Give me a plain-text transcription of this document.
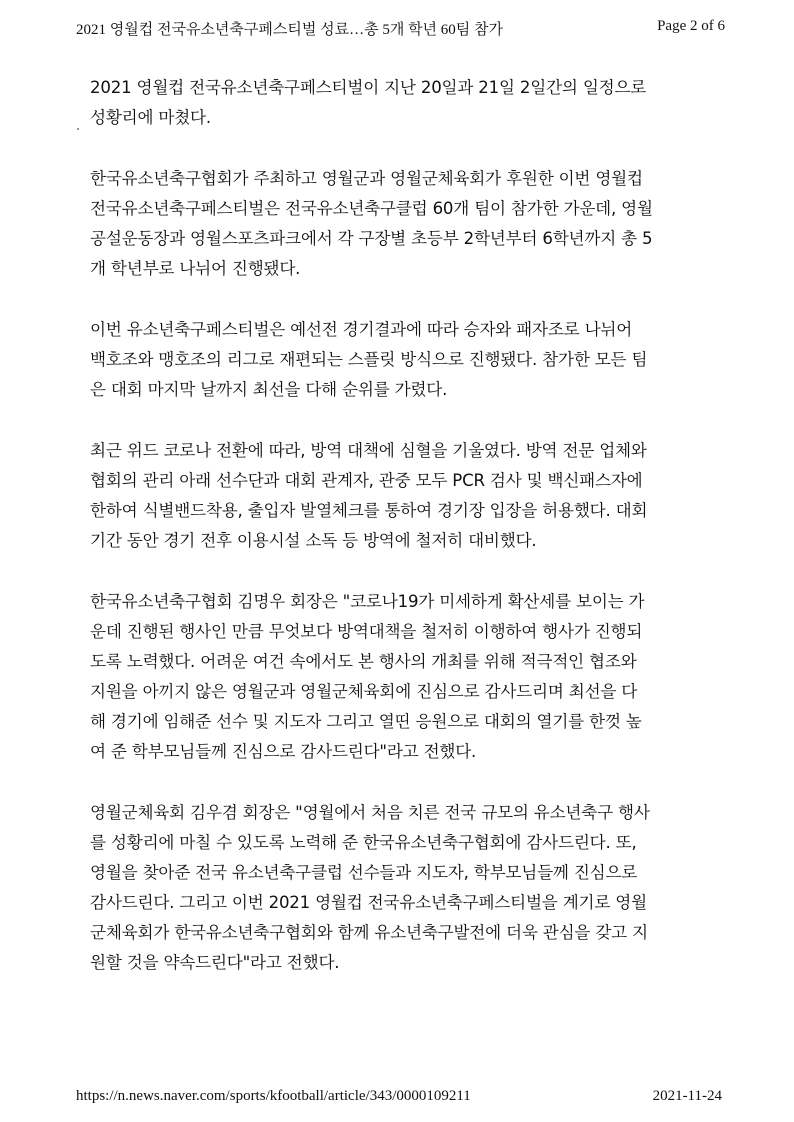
2021 영월컵 전국유소년축구페스티벌 성료…총 5개 학년 60팀 참가	Page 2 of 6

2021 영월컵 전국유소년축구페스티벌이 지난 20일과 21일 2일간의 일정으로
성황리에 마쳤다.

한국유소년축구협회가 주최하고 영월군과 영월군체육회가 후원한 이번 영월컵
전국유소년축구페스티벌은 전국유소년축구클럽 60개 팀이 참가한 가운데, 영월
공설운동장과 영월스포츠파크에서 각 구장별 초등부 2학년부터 6학년까지 총 5
개 학년부로 나뉘어 진행됐다.

이번 유소년축구페스티벌은 예선전 경기결과에 따라 승자와 패자조로 나뉘어
백호조와 맹호조의 리그로 재편되는 스플릿 방식으로 진행됐다. 참가한 모든 팀
은 대회 마지막 날까지 최선을 다해 순위를 가렸다.

최근 위드 코로나 전환에 따라, 방역 대책에 심혈을 기울였다. 방역 전문 업체와
협회의 관리 아래 선수단과 대회 관계자, 관중 모두 PCR 검사 및 백신패스자에
한하여 식별밴드착용, 출입자 발열체크를 통하여 경기장 입장을 허용했다. 대회
기간 동안 경기 전후 이용시설 소독 등 방역에 철저히 대비했다.

한국유소년축구협회 김명우 회장은 "코로나19가 미세하게 확산세를 보이는 가
운데 진행된 행사인 만큼 무엇보다 방역대책을 철저히 이행하여 행사가 진행되
도록 노력했다. 어려운 여건 속에서도 본 행사의 개최를 위해 적극적인 협조와
지원을 아끼지 않은 영월군과 영월군체육회에 진심으로 감사드리며 최선을 다
해 경기에 임해준 선수 및 지도자 그리고 열띤 응원으로 대회의 열기를 한껏 높
여 준 학부모님들께 진심으로 감사드린다"라고 전했다.

영월군체육회 김우겸 회장은 "영월에서 처음 치른 전국 규모의 유소년축구 행사
를 성황리에 마칠 수 있도록 노력해 준 한국유소년축구협회에 감사드린다. 또,
영월을 찾아준 전국 유소년축구클럽 선수들과 지도자, 학부모님들께 진심으로
감사드린다. 그리고 이번 2021 영월컵 전국유소년축구페스티벌을 계기로 영월
군체육회가 한국유소년축구협회와 함께 유소년축구발전에 더욱 관심을 갖고 지
원할 것을 약속드린다"라고 전했다.

https://n.news.naver.com/sports/kfootball/article/343/0000109211	2021-11-24
